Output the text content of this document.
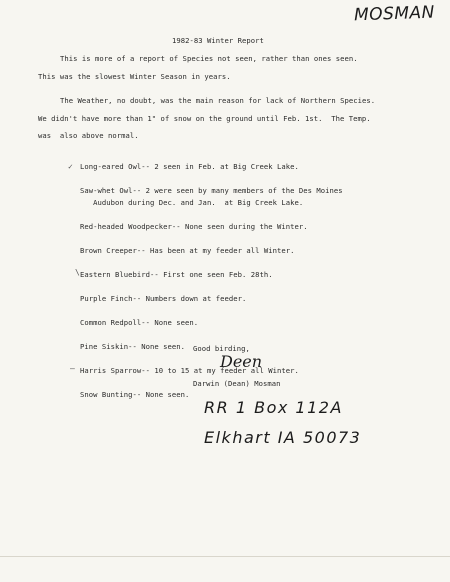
MOSMAN
1982-83 Winter Report
This is more of a report of Species not seen, rather than ones seen.
This was the slowest Winter Season in years.
The Weather, no doubt, was the main reason for lack of Northern Species.
We didn't have more than 1" of snow on the ground until Feb. 1st.  The Temp.
was  also above normal.
✓ Long-eared Owl-- 2 seen in Feb. at Big Creek Lake.
Saw-whet Owl-- 2 were seen by many members of the Des Moines
Audubon during Dec. and Jan.  at Big Creek Lake.
Red-headed Woodpecker-- None seen during the Winter.
Brown Creeper-- Has been at my feeder all Winter.
\ Eastern Bluebird-- First one seen Feb. 28th.
Purple Finch-- Numbers down at feeder.
Common Redpoll-- None seen.
Pine Siskin-- None seen.
— Harris Sparrow-- 10 to 15 at my feeder all Winter.
Snow Bunting-- None seen.
Good birding,
Deen
Darwin (Dean) Mosman
RR 1 Box 112A
Elkhart IA 50073
